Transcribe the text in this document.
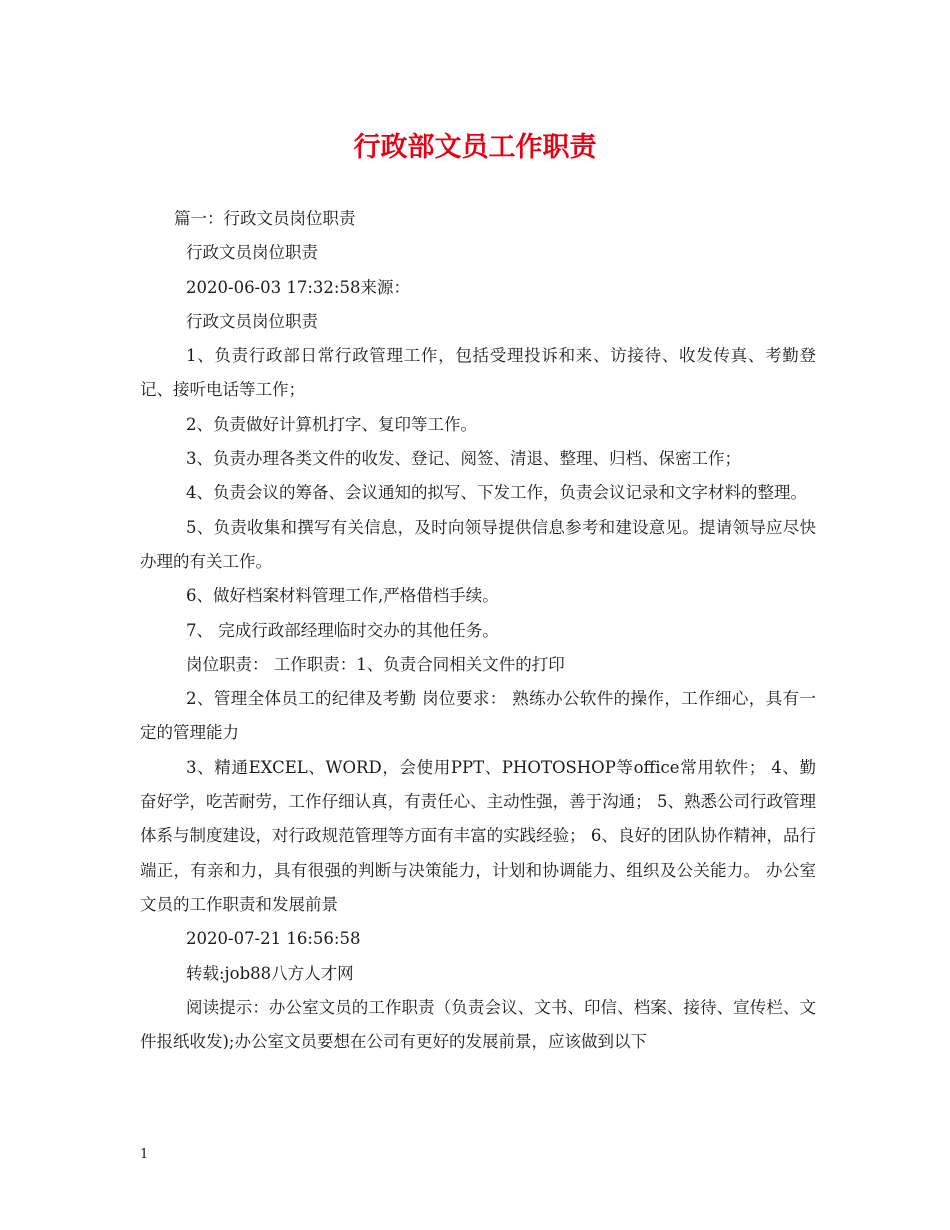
行政部文员工作职责

篇一：行政文员岗位职责

行政文员岗位职责

2020-06-03 17:32:58来源：

行政文员岗位职责

1、负责行政部日常行政管理工作，包括受理投诉和来、访接待、收发传真、考勤登记、接听电话等工作；

2、负责做好计算机打字、复印等工作。

3、负责办理各类文件的收发、登记、阅签、清退、整理、归档、保密工作；

4、负责会议的筹备、会议通知的拟写、下发工作，负责会议记录和文字材料的整理。

5、负责收集和撰写有关信息，及时向领导提供信息参考和建设意见。提请领导应尽快办理的有关工作。

6、做好档案材料管理工作,严格借档手续。

7、 完成行政部经理临时交办的其他任务。

岗位职责： 工作职责：1、负责合同相关文件的打印

2、管理全体员工的纪律及考勤 岗位要求： 熟练办公软件的操作，工作细心，具有一定的管理能力

3、精通EXCEL、WORD，会使用PPT、PHOTOSHOP等office常用软件； 4、勤奋好学，吃苦耐劳，工作仔细认真，有责任心、主动性强，善于沟通； 5、熟悉公司行政管理体系与制度建设，对行政规范管理等方面有丰富的实践经验； 6、良好的团队协作精神，品行端正，有亲和力，具有很强的判断与决策能力，计划和协调能力、组织及公关能力。 办公室文员的工作职责和发展前景

2020-07-21 16:56:58

转载:job88八方人才网

阅读提示：办公室文员的工作职责（负责会议、文书、印信、档案、接待、宣传栏、文件报纸收发);办公室文员要想在公司有更好的发展前景，应该做到以下

1
